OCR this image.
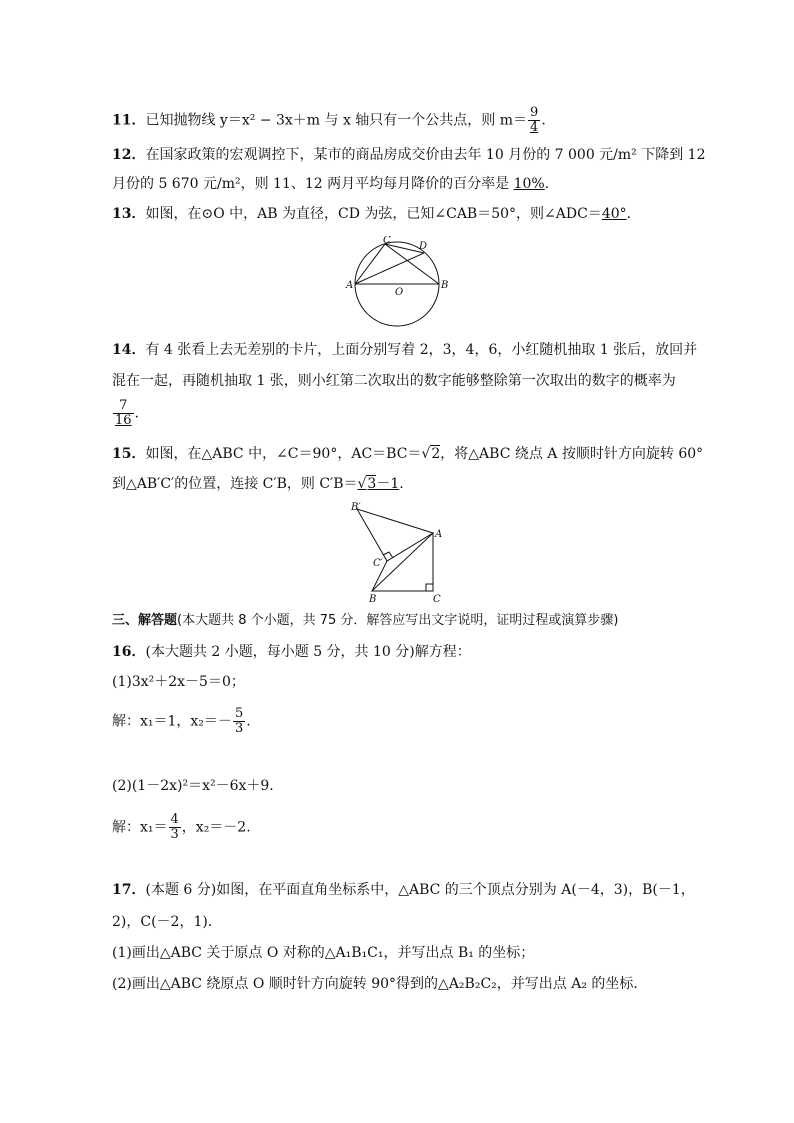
11．已知抛物线 y＝x² − 3x＋m 与 x 轴只有一个公共点，则 $m= \frac{9}{4}$ .
12．在国家政策的宏观调控下，某市的商品房成交价由去年 10 月份的 7 000 元/m² 下降到 12
月份的 5 670 元/m²，则 11、12 两月平均每月降价的百分率是 10%.
13．如图，在⊙O 中，AB 为直径，CD 为弦，已知∠CAB＝50°，则∠ADC＝40°.
C
D
A	B
O
14．有 4 张看上去无差别的卡片，上面分别写着 2，3，4，6，小红随机抽取 1 张后，放回并
混在一起，再随机抽取 1 张，则小红第二次取出的数字能够整除第一次取出的数字的概率为
$\frac{7}{16}$ .
15．如图，在△ABC 中，∠C＝90°，AC＝BC＝√2，将△ABC 绕点 A 按顺时针方向旋转 60°
到△AB′C′的位置，连接 C′B，则 C′B＝√3－1.
B′
A
C′
B	C
三、解答题(本大题共 8 个小题，共 75 分．解答应写出文字说明，证明过程或演算步骤)
16．(本大题共 2 小题，每小题 5 分，共 10 分)解方程：
(1)3x²＋2x－5＝0；
解：x₁＝1，$x_2=- \frac{5}{3}$ .
(2)(1－2x)²＝x²－6x＋9.
解：$x_1= \frac{4}{3}$ ，x₂＝－2.
17．(本题 6 分)如图，在平面直角坐标系中，△ABC 的三个顶点分别为 A(－4，3)，B(－1，
2)，C(－2，1)．
(1)画出△ABC 关于原点 O 对称的△A₁B₁C₁，并写出点 B₁ 的坐标；
(2)画出△ABC 绕原点 O 顺时针方向旋转 90°得到的△A₂B₂C₂，并写出点 A₂ 的坐标．
